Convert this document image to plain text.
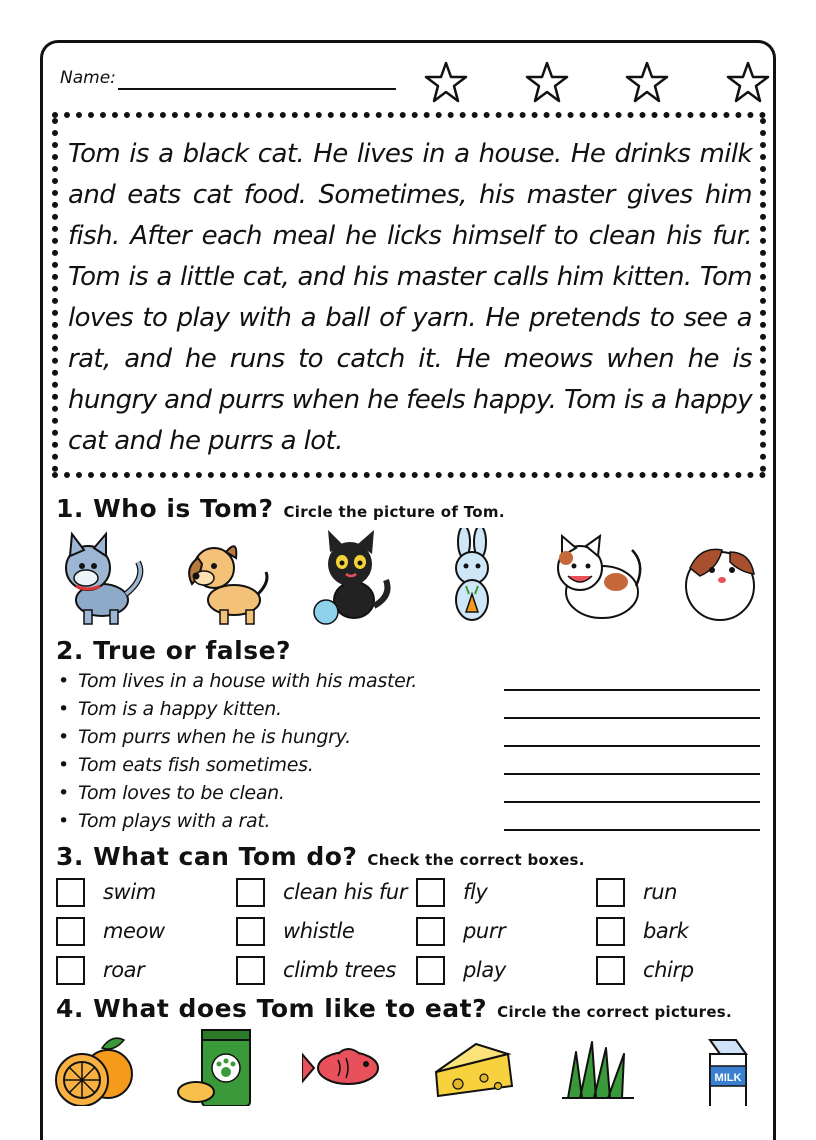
Name:
Tom is a black cat. He lives in a house. He drinks milk and eats cat food. Sometimes, his master gives him fish. After each meal he licks himself to clean his fur. Tom is a little cat, and his master calls him kitten. Tom loves to play with a ball of yarn. He pretends to see a rat, and he runs to catch it. He meows when he is hungry and purrs when he feels happy. Tom is a happy cat and he purrs a lot.
1. Who is Tom? Circle the picture of Tom.
2. True or false?
• Tom lives in a house with his master.
• Tom is a happy kitten.
• Tom purrs when he is hungry.
• Tom eats fish sometimes.
• Tom loves to be clean.
• Tom plays with a rat.
3. What can Tom do? Check the correct boxes.
swim	clean his fur	fly	run
meow	whistle	purr	bark
roar	climb trees	play	chirp
4. What does Tom like to eat? Circle the correct pictures.
MILK
